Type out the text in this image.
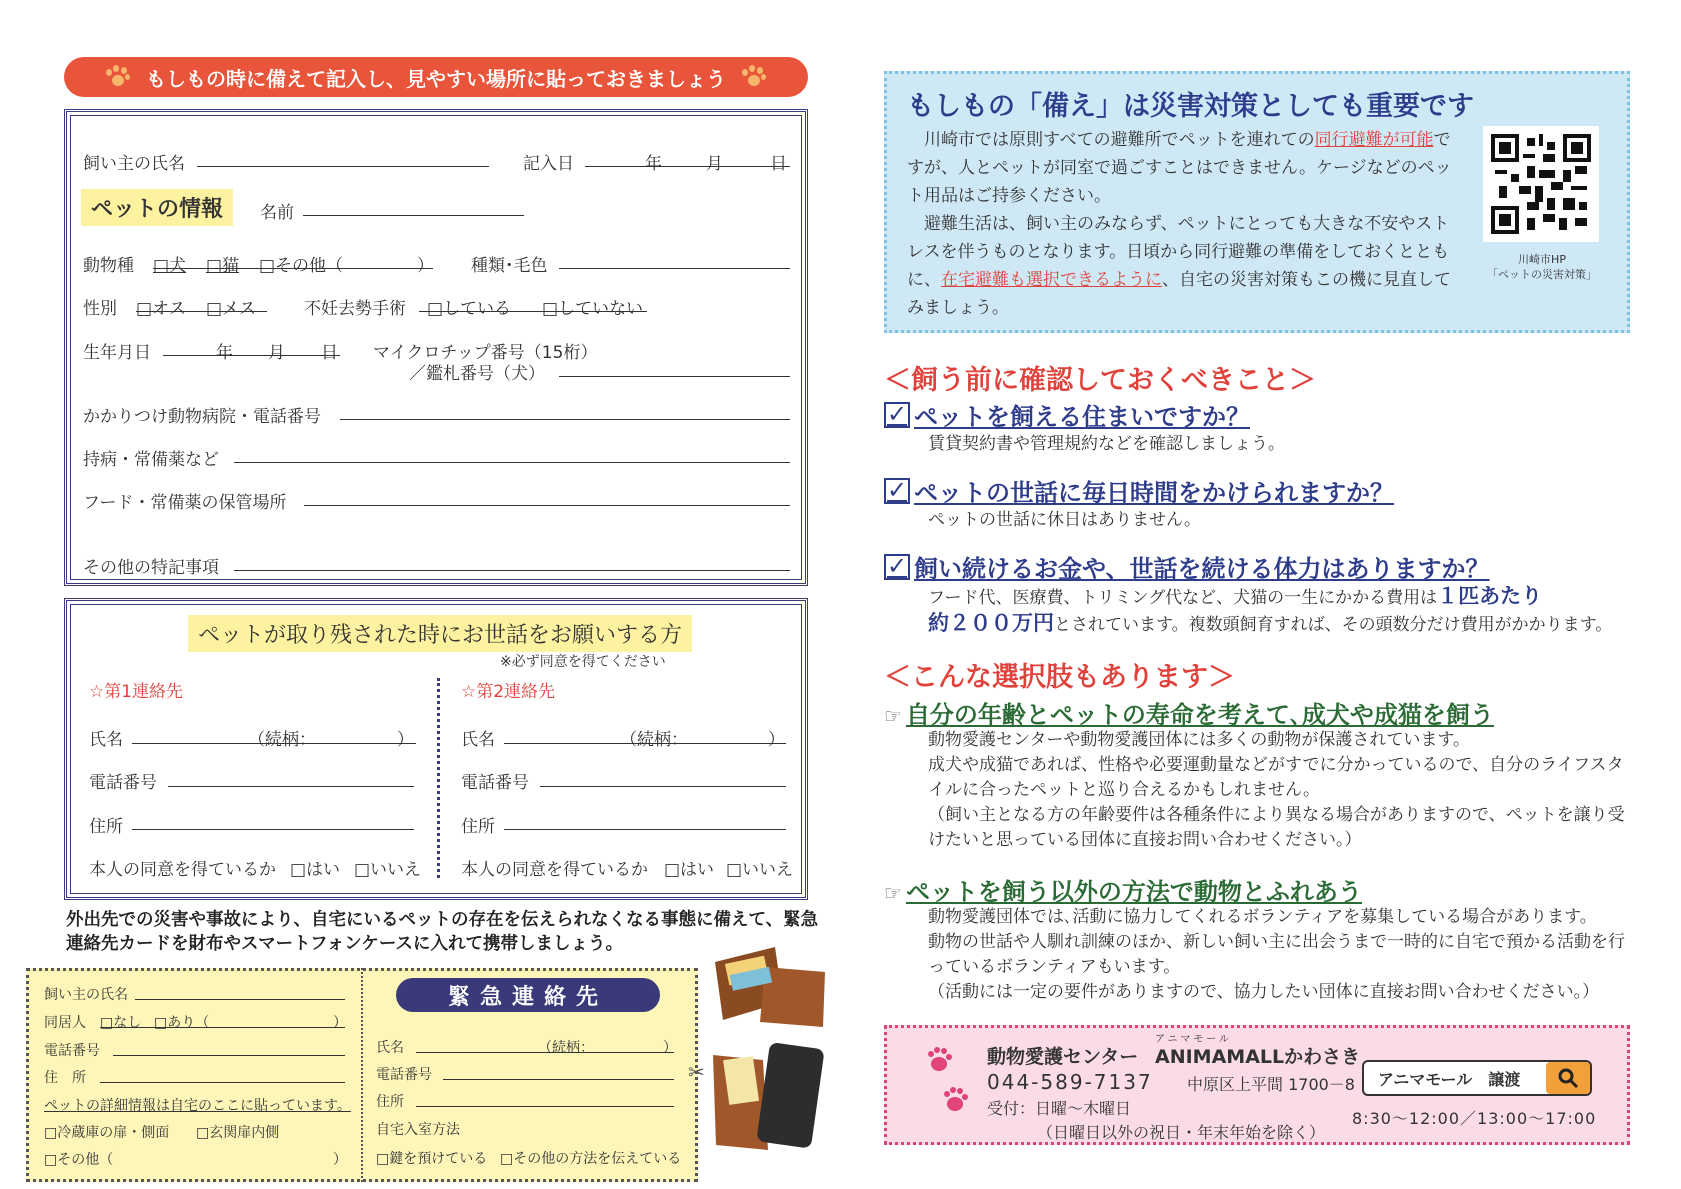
もしもの時に備えて記入し、見やすい場所に貼っておきましょう
飼い主の氏名	記入日	年	月	日
ペットの情報	名前
動物種 □犬 □猫 □その他（	） 種類･毛色
性別 □オス □メス	不妊去勢手術 □している □していない
生年月日	年 月 日 マイクロチップ番号（15桁）
／鑑札番号（犬）
かかりつけ動物病院・電話番号
持病・常備薬など
フード・常備薬の保管場所
その他の特記事項
ペットが取り残された時にお世話をお願いする方
※必ず同意を得てください
☆第1連絡先
氏名	（続柄：	）
電話番号
住所
本人の同意を得ているか □はい □いいえ
☆第2連絡先
氏名	（続柄：	）
電話番号
住所
本人の同意を得ているか □はい □いいえ
外出先での災害や事故により、自宅にいるペットの存在を伝えられなくなる事態に備えて、緊急連絡先カードを財布やスマートフォンケースに入れて携帯しましょう。
飼い主の氏名
同居人 □なし □あり（	）
電話番号
住　所
ペットの詳細情報は自宅のここに貼っています。
□冷蔵庫の扉・側面 □玄関扉内側
□その他（	）
緊急連絡先
氏名	（続柄：	）
電話番号
住所
自宅入室方法
□鍵を預けている □その他の方法を伝えている
✂
もしもの「備え」は災害対策としても重要です

　川崎市では原則すべての避難所でペットを連れての同行避難が可能ですが、人とペットが同室で過ごすことはできません。ケージなどのペット用品はご持参ください。

　避難生活は、飼い主のみならず、ペットにとっても大きな不安やストレスを伴うものとなります。日頃から同行避難の準備をしておくとともに、在宅避難も選択できるように、自宅の災害対策もこの機に見直してみましょう。

川崎市HP
「ペットの災害対策」
＜飼う前に確認しておくべきこと＞
✓ ペットを飼える住まいですか？
賃貸契約書や管理規約などを確認しましょう。
✓ ペットの世話に毎日時間をかけられますか？
ペットの世話に休日はありません。
✓ 飼い続けるお金や、世話を続ける体力はありますか？
フード代、医療費、トリミング代など、犬猫の一生にかかる費用は１匹あたり
約２００万円とされています。複数頭飼育すれば、その頭数分だけ費用がかかります。
＜こんな選択肢もあります＞
☞ 自分の年齢とペットの寿命を考えて､成犬や成猫を飼う
動物愛護センターや動物愛護団体には多くの動物が保護されています。
成犬や成猫であれば、性格や必要運動量などがすでに分かっているので、自分のライフスタイルに合ったペットと巡り合えるかもしれません。
（飼い主となる方の年齢要件は各種条件により異なる場合がありますので、ペットを譲り受けたいと思っている団体に直接お問い合わせください。）
☞ ペットを飼う以外の方法で動物とふれあう
動物愛護団体では､活動に協力してくれるボランティアを募集している場合があります。
動物の世話や人馴れ訓練のほか、新しい飼い主に出会うまで一時的に自宅で預かる活動を行っているボランティアもいます。
（活動には一定の要件がありますので、協力したい団体に直接お問い合わせください。）
アニマモール
動物愛護センター ANIMAMALLかわさき
044-589-7137 中原区上平間 1700－8
受付：日曜～木曜日
（日曜日以外の祝日・年末年始を除く）
アニマモール　譲渡
8:30～12:00／13:00～17:00
